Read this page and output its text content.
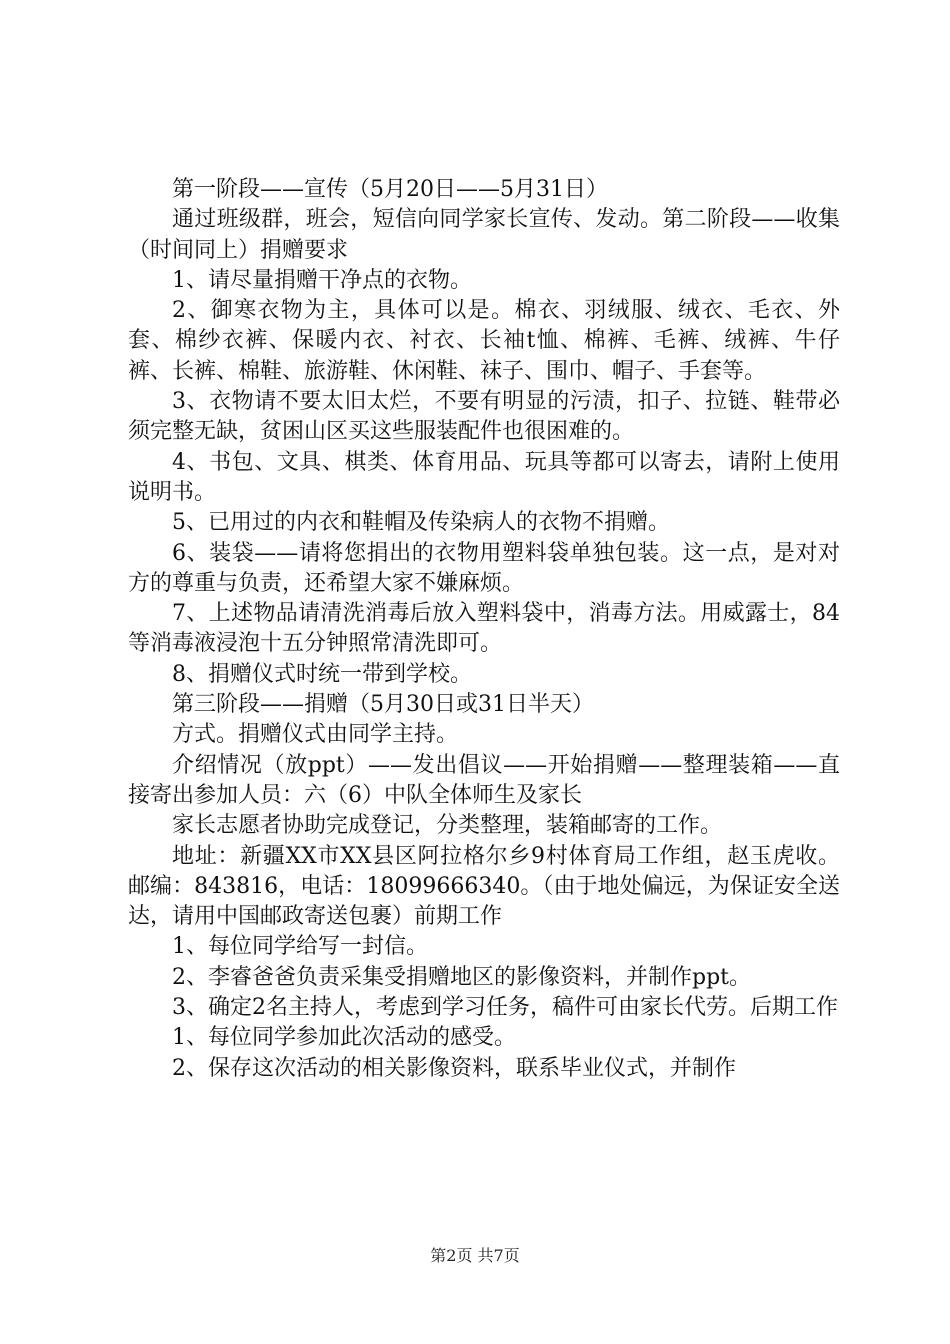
第一阶段——宣传（5月20日——5月31日）

通过班级群，班会，短信向同学家长宣传、发动。第二阶段——收集（时间同上）捐赠要求

1、请尽量捐赠干净点的衣物。

2、御寒衣物为主，具体可以是。棉衣、羽绒服、绒衣、毛衣、外套、棉纱衣裤、保暖内衣、衬衣、长袖t恤、棉裤、毛裤、绒裤、牛仔裤、长裤、棉鞋、旅游鞋、休闲鞋、袜子、围巾、帽子、手套等。

3、衣物请不要太旧太烂，不要有明显的污渍，扣子、拉链、鞋带必须完整无缺，贫困山区买这些服装配件也很困难的。

4、书包、文具、棋类、体育用品、玩具等都可以寄去，请附上使用说明书。

5、已用过的内衣和鞋帽及传染病人的衣物不捐赠。

6、装袋——请将您捐出的衣物用塑料袋单独包装。这一点，是对对方的尊重与负责，还希望大家不嫌麻烦。

7、上述物品请清洗消毒后放入塑料袋中，消毒方法。用威露士，84等消毒液浸泡十五分钟照常清洗即可。

8、捐赠仪式时统一带到学校。

第三阶段——捐赠（5月30日或31日半天）

方式。捐赠仪式由同学主持。

介绍情况（放ppt）——发出倡议——开始捐赠——整理装箱——直接寄出参加人员：六（6）中队全体师生及家长

家长志愿者协助完成登记，分类整理，装箱邮寄的工作。

地址：新疆XX市XX县区阿拉格尔乡9村体育局工作组，赵玉虎收。邮编：843816，电话：18099666340。（由于地处偏远，为保证安全送达，请用中国邮政寄送包裹）前期工作

1、每位同学给写一封信。

2、李睿爸爸负责采集受捐赠地区的影像资料，并制作ppt。

3、确定2名主持人，考虑到学习任务，稿件可由家长代劳。后期工作

1、每位同学参加此次活动的感受。

2、保存这次活动的相关影像资料，联系毕业仪式，并制作

第2页 共7页
